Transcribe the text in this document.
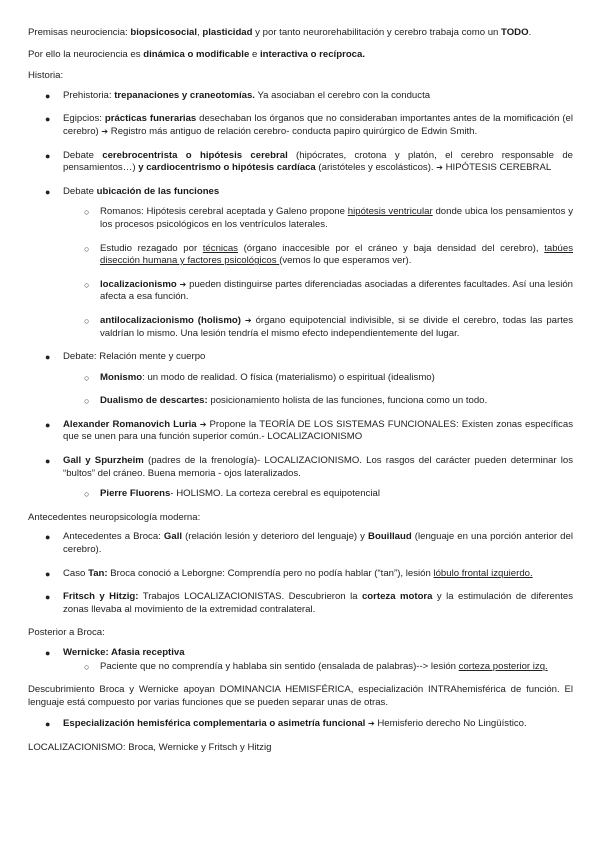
Premisas neurociencia: biopsicosocial, plasticidad y por tanto neurorehabilitación y cerebro trabaja como un TODO.

Por ello la neurociencia es dinámica o modificable e interactiva o recíproca.

Historia:

● Prehistoria: trepanaciones y craneotomías. Ya asociaban el cerebro con la conducta
● Egipcios: prácticas funerarias desechaban los órganos que no consideraban importantes antes de la momificación (el cerebro) ➔ Registro más antiguo de relación cerebro- conducta papiro quirúrgico de Edwin Smith.
● Debate cerebrocentrista o hipótesis cerebral (hipócrates, crotona y platón, el cerebro responsable de pensamientos…) y cardiocentrismo o hipótesis cardíaca (aristóteles y escolásticos). ➔ HIPÓTESIS CEREBRAL
● Debate ubicación de las funciones
○ Romanos: Hipótesis cerebral aceptada y Galeno propone hipótesis ventricular donde ubica los pensamientos y los procesos psicológicos en los ventrículos laterales.
○ Estudio rezagado por técnicas (órgano inaccesible por el cráneo y baja densidad del cerebro), tabúes disección humana y factores psicológicos (vemos lo que esperamos ver).
○ localizacionismo ➔ pueden distinguirse partes diferenciadas asociadas a diferentes facultades. Así una lesión afecta a esa función.
○ antilocalizacionismo (holismo) ➔ órgano equipotencial indivisible, si se divide el cerebro, todas las partes valdrían lo mismo. Una lesión tendría el mismo efecto independientemente del lugar.
● Debate: Relación mente y cuerpo
○ Monismo: un modo de realidad. O física (materialismo) o espiritual (idealismo)
○ Dualismo de descartes: posicionamiento holista de las funciones, funciona como un todo.
● Alexander Romanovich Luria ➔ Propone la TEORÍA DE LOS SISTEMAS FUNCIONALES: Existen zonas específicas que se unen para una función superior común.- LOCALIZACIONISMO
● Gall y Spurzheim (padres de la frenología)- LOCALIZACIONISMO. Los rasgos del carácter pueden determinar los “bultos” del cráneo. Buena memoria - ojos lateralizados.
○ Pierre Fluorens- HOLISMO. La corteza cerebral es equipotencial

Antecedentes neuropsicología moderna:

● Antecedentes a Broca: Gall (relación lesión y deterioro del lenguaje) y Bouillaud (lenguaje en una porción anterior del cerebro).
● Caso Tan: Broca conoció a Leborgne: Comprendía pero no podía hablar (“tan”), lesión lóbulo frontal izquierdo.
● Fritsch y Hitzig: Trabajos LOCALIZACIONISTAS. Descubrieron la corteza motora y la estimulación de diferentes zonas llevaba al movimiento de la extremidad contralateral.

Posterior a Broca:

● Wernicke: Afasia receptiva
○ Paciente que no comprendía y hablaba sin sentido (ensalada de palabras)--> lesión corteza posterior izq.

Descubrimiento Broca y Wernicke apoyan DOMINANCIA HEMISFÉRICA, especialización INTRAhemisférica de función. El lenguaje está compuesto por varias funciones que se pueden separar unas de otras.

● Especialización hemisférica complementaria o asimetría funcional ➔ Hemisferio derecho No Lingüístico.

LOCALIZACIONISMO: Broca, Wernicke y Fritsch y Hitzig
